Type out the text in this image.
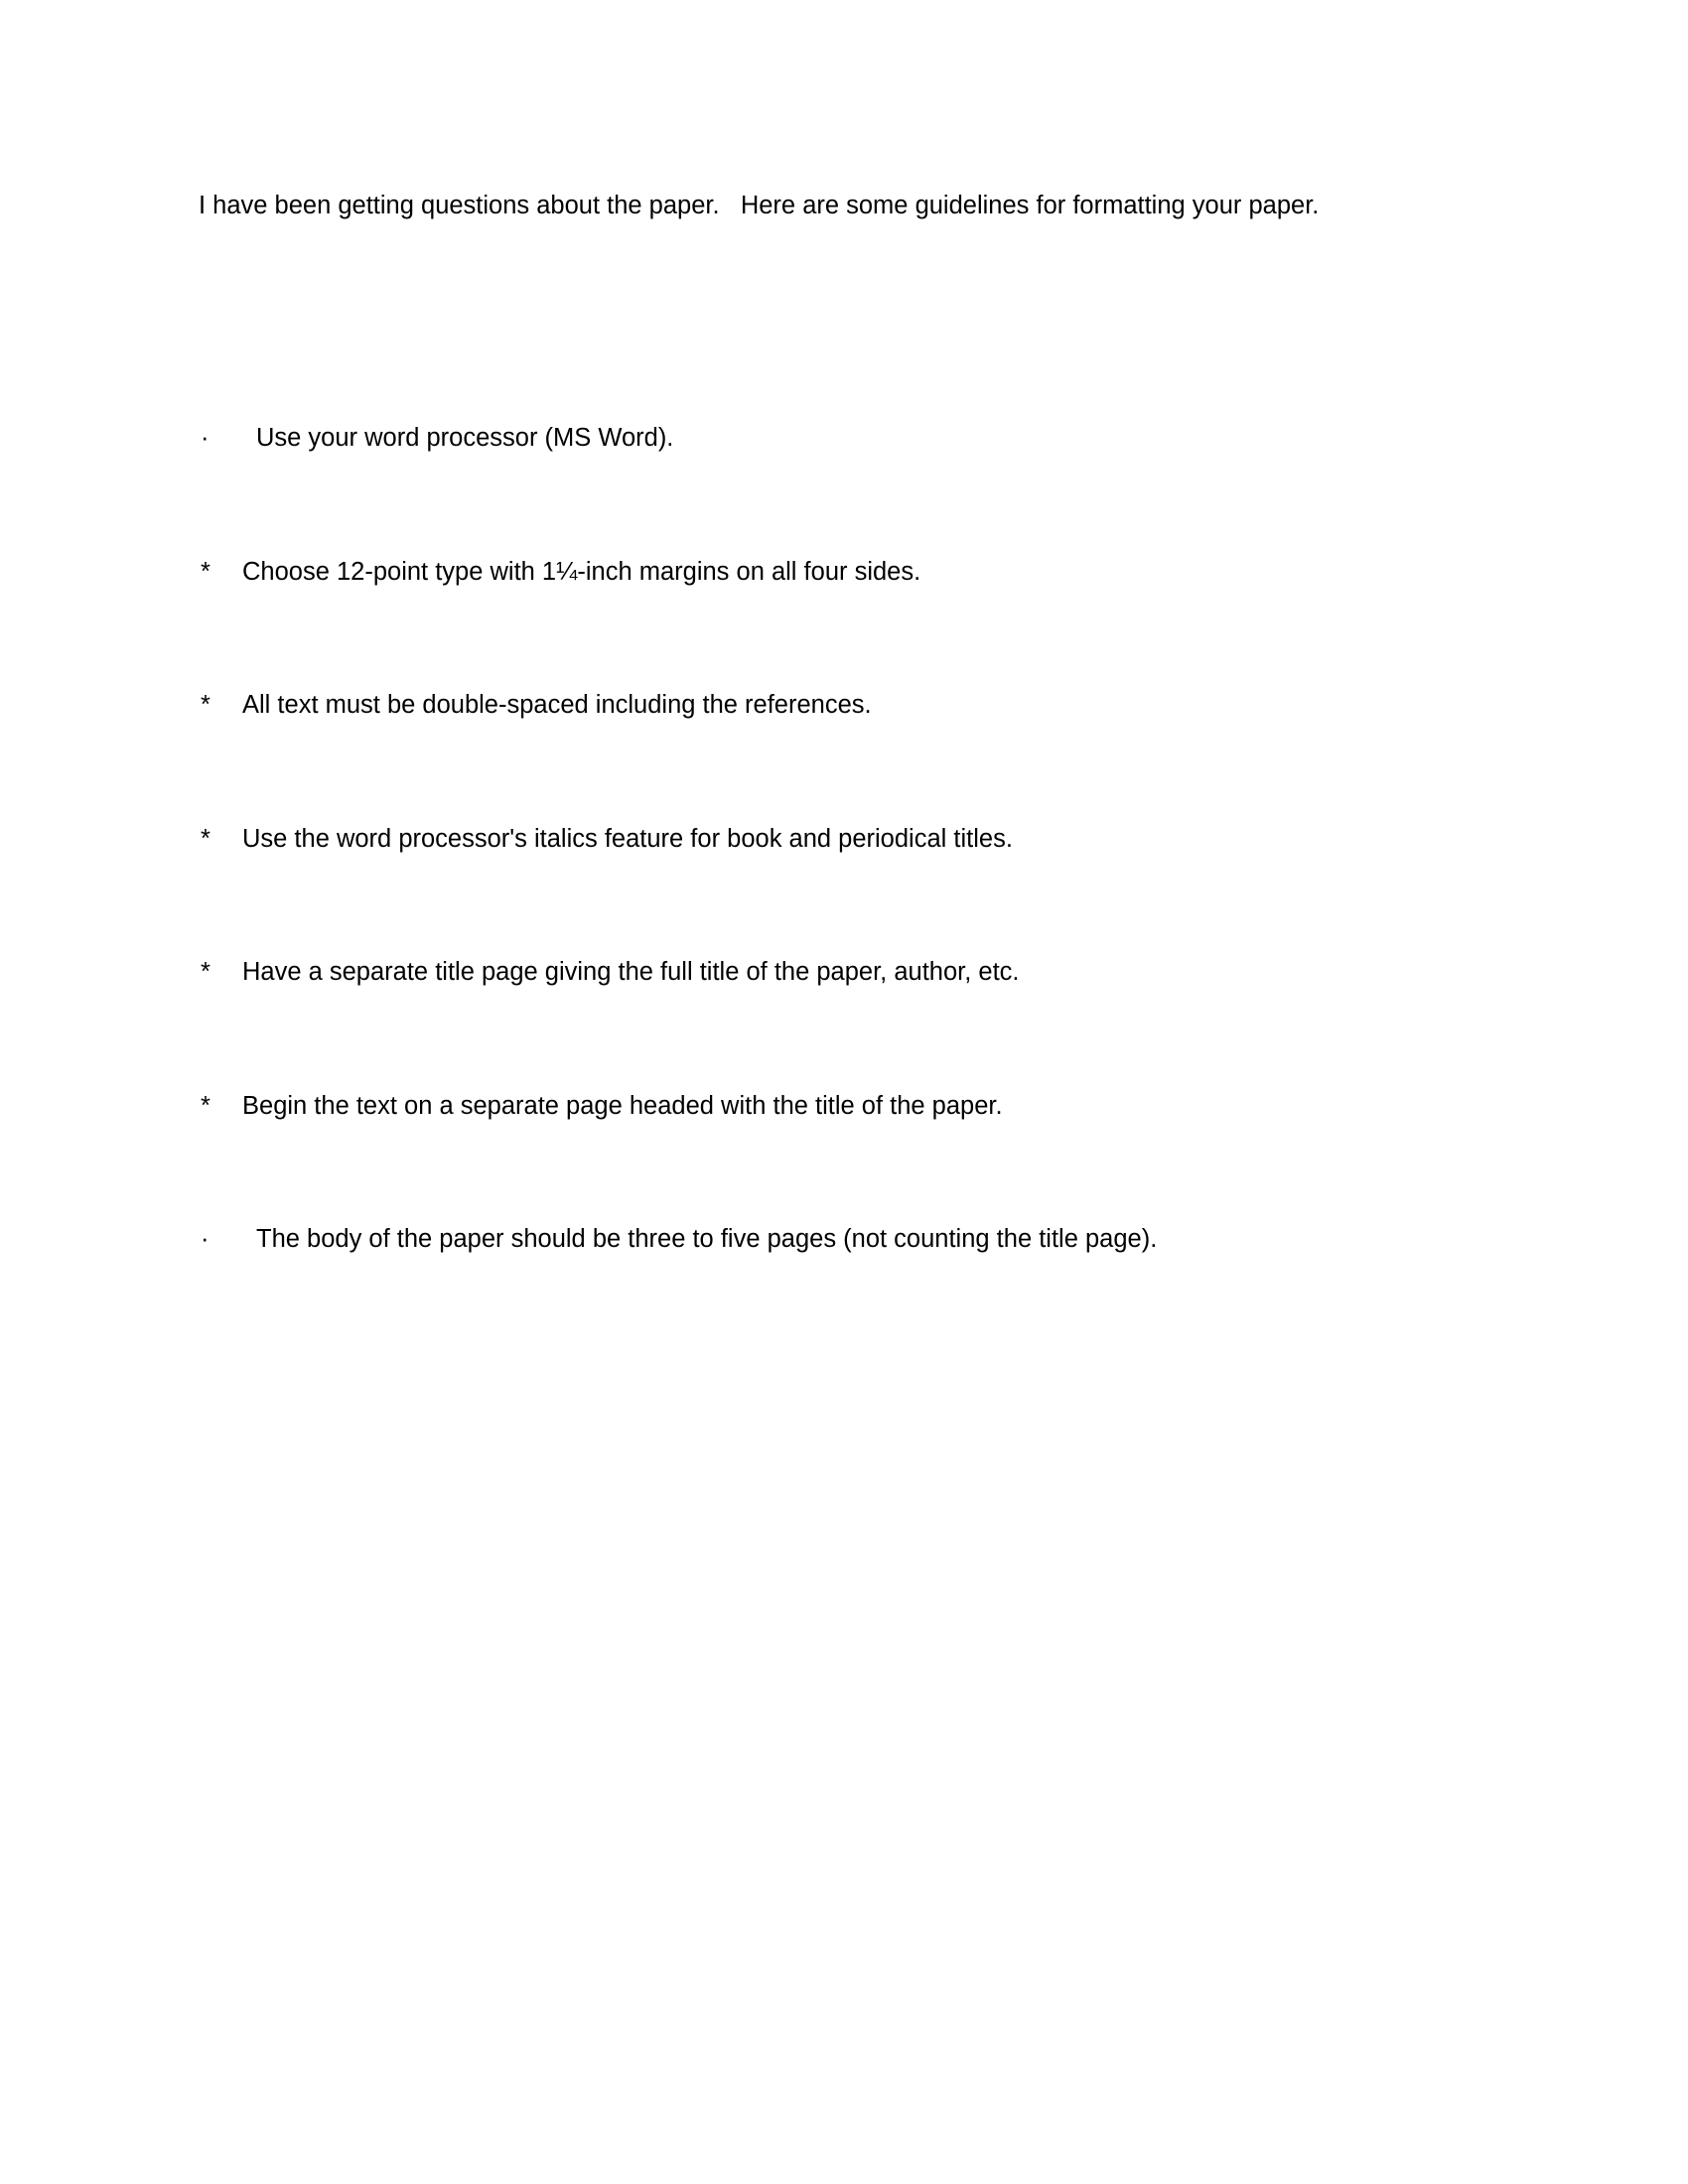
I have been getting questions about the paper.   Here are some guidelines for formatting your paper.

·	Use your word processor (MS Word).
*	Choose 12-point type with 1¼-inch margins on all four sides.
*	All text must be double-spaced including the references.
*	Use the word processor's italics feature for book and periodical titles.
*	Have a separate title page giving the full title of the paper, author, etc.
*	Begin the text on a separate page headed with the title of the paper.
·	The body of the paper should be three to five pages (not counting the title page).
